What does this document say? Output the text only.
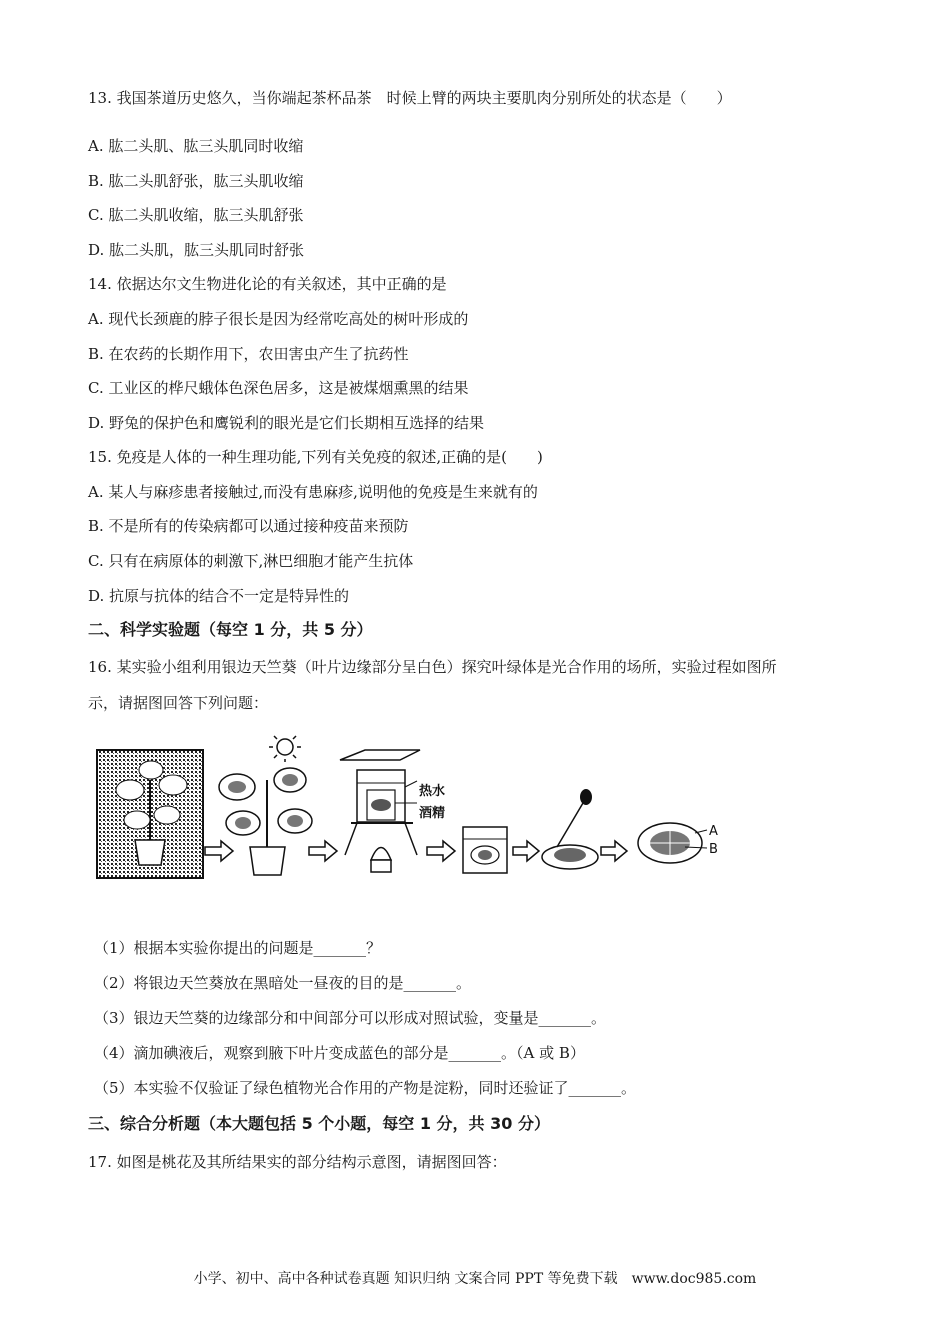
13. 我国茶道历史悠久，当你端起茶杯品茶　时候上臂的两块主要肌肉分别所处的状态是（　　）
A. 肱二头肌、肱三头肌同时收缩
B. 肱二头肌舒张，肱三头肌收缩
C. 肱二头肌收缩，肱三头肌舒张
D. 肱二头肌，肱三头肌同时舒张
14. 依据达尔文生物进化论的有关叙述，其中正确的是
A. 现代长颈鹿的脖子很长是因为经常吃高处的树叶形成的
B. 在农药的长期作用下，农田害虫产生了抗药性
C. 工业区的桦尺蛾体色深色居多，这是被煤烟熏黑的结果
D. 野兔的保护色和鹰锐利的眼光是它们长期相互选择的结果
15. 免疫是人体的一种生理功能,下列有关免疫的叙述,正确的是(　　)
A. 某人与麻疹患者接触过,而没有患麻疹,说明他的免疫是生来就有的
B. 不是所有的传染病都可以通过接种疫苗来预防
C. 只有在病原体的刺激下,淋巴细胞才能产生抗体
D. 抗原与抗体的结合不一定是特异性的
二、科学实验题（每空 1 分，共 5 分）
16. 某实验小组利用银边天竺葵（叶片边缘部分呈白色）探究叶绿体是光合作用的场所，实验过程如图所
示，请据图回答下列问题：
热水
酒精
A
B
（1）根据本实验你提出的问题是_______？
（2）将银边天竺葵放在黑暗处一昼夜的目的是_______。
（3）银边天竺葵的边缘部分和中间部分可以形成对照试验，变量是_______。
（4）滴加碘液后，观察到腋下叶片变成蓝色的部分是_______。（A 或 B）
（5）本实验不仅验证了绿色植物光合作用的产物是淀粉，同时还验证了_______。
三、综合分析题（本大题包括 5 个小题，每空 1 分，共 30 分）
17. 如图是桃花及其所结果实的部分结构示意图，请据图回答：
小学、初中、高中各种试卷真题 知识归纳 文案合同 PPT 等免费下载　www.doc985.com
